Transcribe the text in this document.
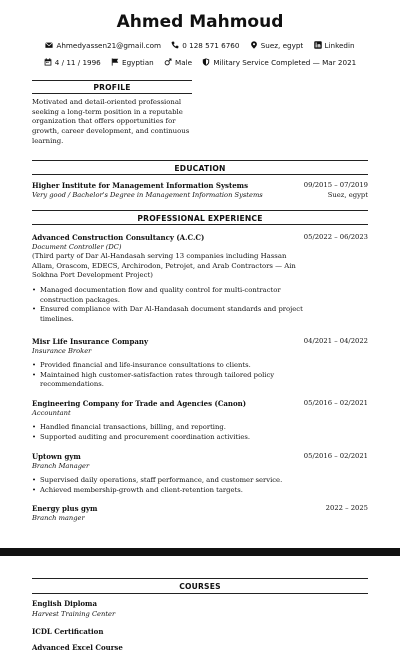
Ahmed Mahmoud
Ahmedyassen21@gmail.com	0 128 571 6760	Suez, egypt	Linkedin
4 / 11 / 1996	Egyptian	Male	Military Service Completed — Mar 2021
PROFILE
Motivated and detail-oriented professional
seeking a long-term position in a reputable
organization that offers opportunities for
growth, career development, and continuous
learning.
EDUCATION
Higher Institute for Management Information Systems	09/2015 – 07/2019
Very good / Bachelor's Degree in Management Information Systems	Suez, egypt
PROFESSIONAL EXPERIENCE
Advanced Construction Consultancy (A.C.C)	05/2022 – 06/2023
Document Controller (DC)
(Third party of Dar Al-Handasah serving 13 companies including Hassan
Allam, Orascom, EDECS, Archirodon, Petrojet, and Arab Contractors — Ain
Sokhna Port Development Project)
• Managed documentation flow and quality control for multi-contractor
construction packages.
• Ensured compliance with Dar Al-Handasah document standards and project
timelines.
Misr Life Insurance Company	04/2021 – 04/2022
Insurance Broker
• Provided financial and life-insurance consultations to clients.
• Maintained high customer-satisfaction rates through tailored policy
recommendations.
Engineering Company for Trade and Agencies (Canon)	05/2016 – 02/2021
Accountant
• Handled financial transactions, billing, and reporting.
• Supported auditing and procurement coordination activities.
Uptown gym	05/2016 – 02/2021
Branch Manager
• Supervised daily operations, staff performance, and customer service.
• Achieved membership-growth and client-retention targets.
Energy plus gym	2022 – 2025
Branch manger
COURSES
English Diploma
Harvest Training Center
ICDL Certification
Advanced Excel Course
